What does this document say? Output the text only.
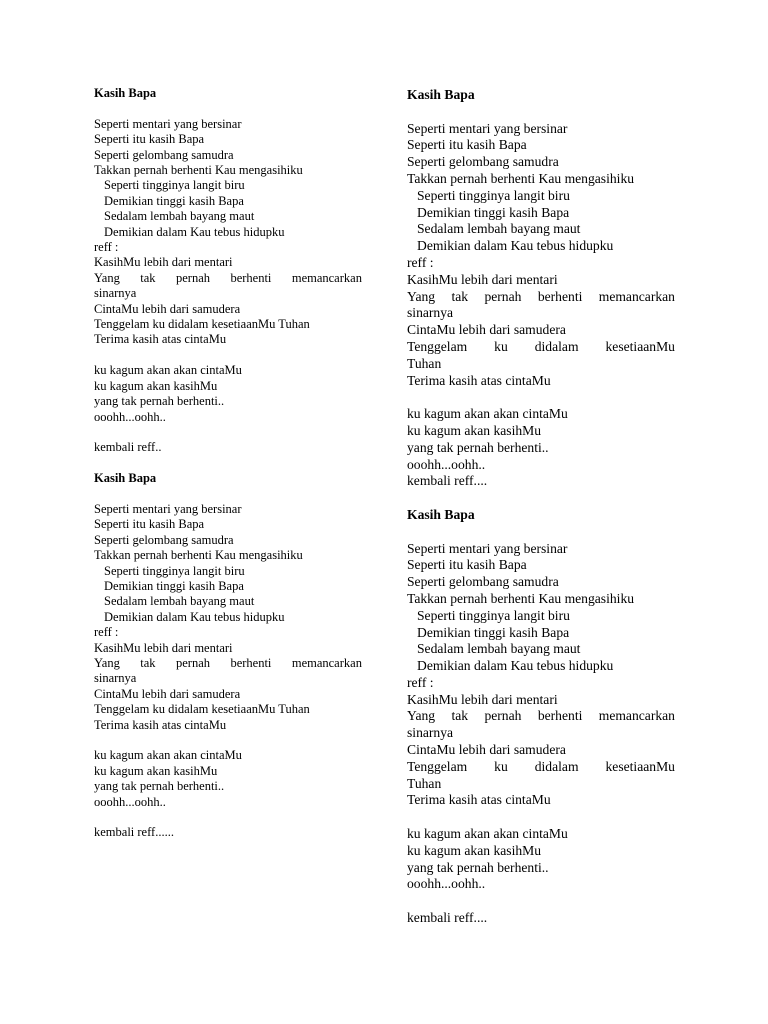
Kasih Bapa
Seperti mentari yang bersinar
Seperti itu kasih Bapa
Seperti gelombang samudra
Takkan pernah berhenti Kau mengasihiku
Seperti tingginya langit biru
Demikian tinggi kasih Bapa
Sedalam lembah bayang maut
Demikian dalam Kau tebus hidupku
reff :
KasihMu lebih dari mentari
Yang tak pernah berhenti memancarkan
sinarnya
CintaMu lebih dari samudera
Tenggelam ku didalam kesetiaanMu Tuhan
Terima kasih atas cintaMu
ku kagum akan akan cintaMu
ku kagum akan kasihMu
yang tak pernah berhenti..
ooohh...oohh..
kembali reff..
Kasih Bapa
Seperti mentari yang bersinar
Seperti itu kasih Bapa
Seperti gelombang samudra
Takkan pernah berhenti Kau mengasihiku
Seperti tingginya langit biru
Demikian tinggi kasih Bapa
Sedalam lembah bayang maut
Demikian dalam Kau tebus hidupku
reff :
KasihMu lebih dari mentari
Yang tak pernah berhenti memancarkan
sinarnya
CintaMu lebih dari samudera
Tenggelam ku didalam kesetiaanMu Tuhan
Terima kasih atas cintaMu
ku kagum akan akan cintaMu
ku kagum akan kasihMu
yang tak pernah berhenti..
ooohh...oohh..
kembali reff......
Kasih Bapa
Seperti mentari yang bersinar
Seperti itu kasih Bapa
Seperti gelombang samudra
Takkan pernah berhenti Kau mengasihiku
Seperti tingginya langit biru
Demikian tinggi kasih Bapa
Sedalam lembah bayang maut
Demikian dalam Kau tebus hidupku
reff :
KasihMu lebih dari mentari
Yang tak pernah berhenti memancarkan
sinarnya
CintaMu lebih dari samudera
Tenggelam ku didalam kesetiaanMu
Tuhan
Terima kasih atas cintaMu
ku kagum akan akan cintaMu
ku kagum akan kasihMu
yang tak pernah berhenti..
ooohh...oohh..
kembali reff....
Kasih Bapa
Seperti mentari yang bersinar
Seperti itu kasih Bapa
Seperti gelombang samudra
Takkan pernah berhenti Kau mengasihiku
Seperti tingginya langit biru
Demikian tinggi kasih Bapa
Sedalam lembah bayang maut
Demikian dalam Kau tebus hidupku
reff :
KasihMu lebih dari mentari
Yang tak pernah berhenti memancarkan
sinarnya
CintaMu lebih dari samudera
Tenggelam ku didalam kesetiaanMu
Tuhan
Terima kasih atas cintaMu
ku kagum akan akan cintaMu
ku kagum akan kasihMu
yang tak pernah berhenti..
ooohh...oohh..
kembali reff....
